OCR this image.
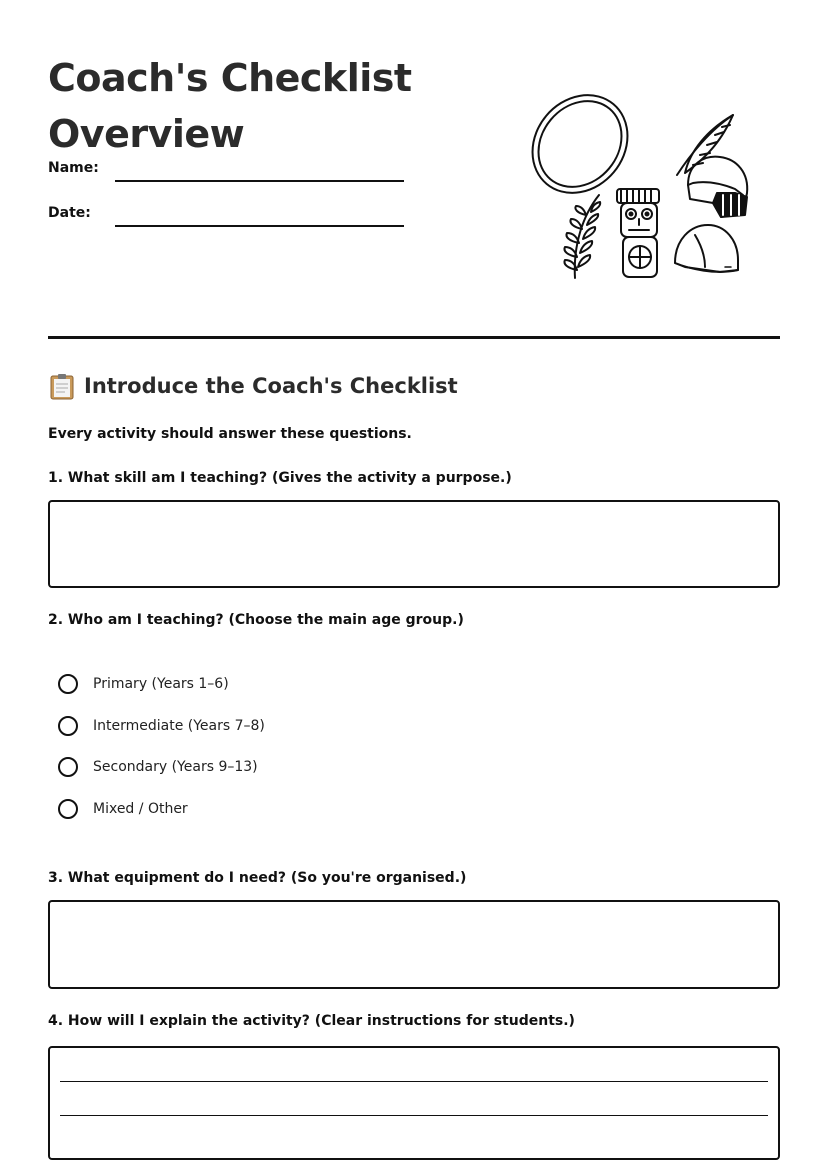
Coach's Checklist
Overview
Name:
Date:
Introduce the Coach's Checklist
Every activity should answer these questions.
1. What skill am I teaching? (Gives the activity a purpose.)
2. Who am I teaching? (Choose the main age group.)
Primary (Years 1–6)
Intermediate (Years 7–8)
Secondary (Years 9–13)
Mixed / Other
3. What equipment do I need? (So you're organised.)
4. How will I explain the activity? (Clear instructions for students.)
